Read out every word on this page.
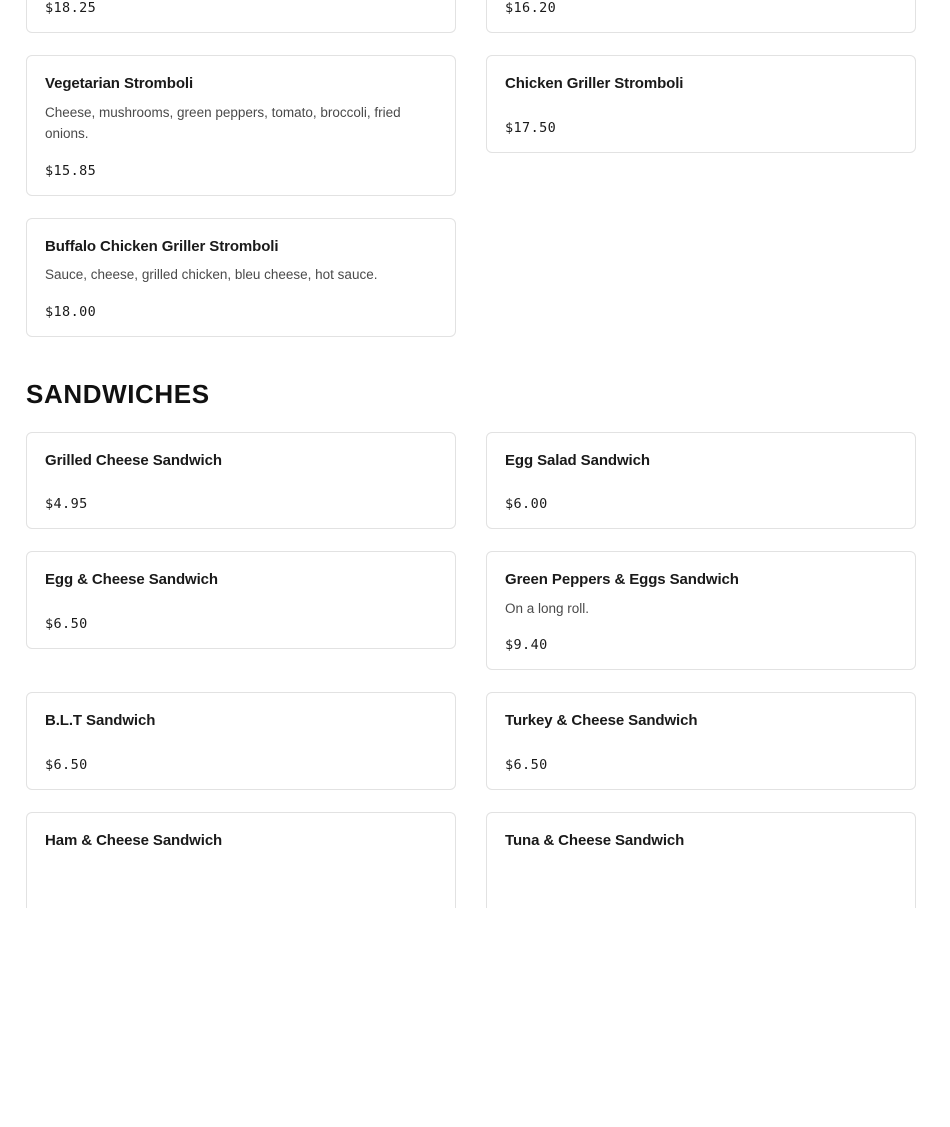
$18.25	$16.20
Vegetarian Stromboli

Cheese, mushrooms, green peppers, tomato, broccoli, fried onions.

$15.85
Chicken Griller Stromboli
$17.50
Buffalo Chicken Griller Stromboli

Sauce, cheese, grilled chicken, bleu cheese, hot sauce.

$18.00
SANDWICHES
Grilled Cheese Sandwich
$4.95
Egg Salad Sandwich
$6.00
Egg & Cheese Sandwich
$6.50
Green Peppers & Eggs Sandwich

On a long roll.

$9.40
B.L.T Sandwich
$6.50
Turkey & Cheese Sandwich
$6.50
Ham & Cheese Sandwich	Tuna & Cheese Sandwich
